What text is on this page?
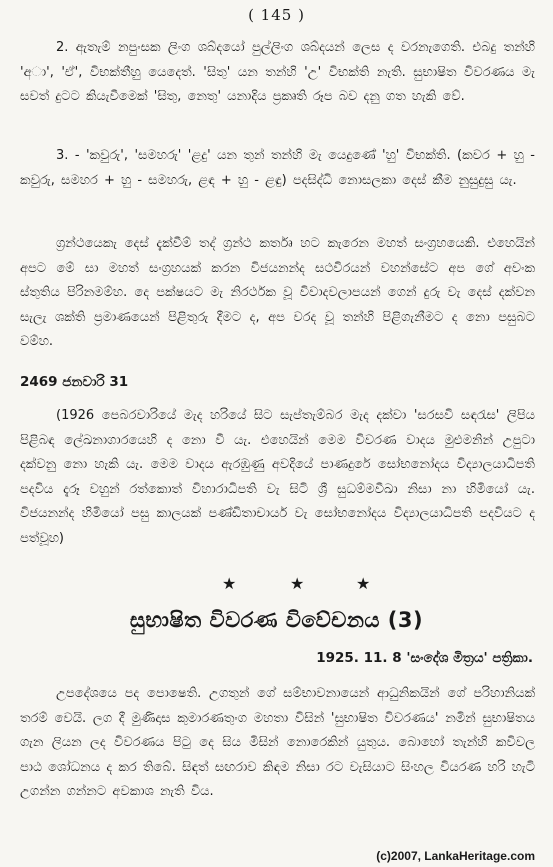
( 145 )

2. ඇතැම් නපුංසක ලිංග ශබ්දයෝ පුල්ලිංග ශබ්දයන් ලෙස ද වරනැගෙති. එබදු තන්හි 'අා', 'ඒ', විභක්තීහු යෙදෙත්. 'සිතු' යන තන්හි 'උ' විභක්ති නැති. සුභාෂිත විවරණය මැ සවත් දුටට කියැවීමෙක් 'සිතු, නෙතු' යනාදිය ප්‍රකෘති රූප බව දනු ගත හැකි වේ.

3. - 'කවුරු', 'සමහරු' 'ළදු' යන තුන් තන්හි මැ යෙදුණේ 'හු' විභක්ති. (කවර + හු - කවුරු, සමහර + හු - සමහරු, ළඳ + හු - ළඳු) පදසිද්ධි නොසලකා දෙස් කීම නුසුදුසු යැ.

ග්‍රන්ථයෙකැ දෙස් දැක්වීම් තද් ග්‍රන්ථ කර්තෘ හට කැරෙන මහත් සංග්‍රහයෙකි. එහෙයින් අපට මේ සා මහත් සංග්‍රහයක් කරන විජයනන්ද සථවිරයන් වහන්සේට අප ගේ අවංක ස්තුතිය පිරිනමම්හ. දෙ පක්ෂයට මැ නිරර්ථක වූ විවාදවලාපයන් ගෙන් දුරු වැ දෙස් දක්වන සැලැ ශක්ති ප්‍රමාණයෙන් පිළිතුරු දීමට ද, අප වරද වූ තන්හි පිළිගැනීමට ද නො පසුබට වම්හ.

2469 ජනවාරි 31

(1926 පෙබරවාරියේ මැද හරියේ සිට සැප්තැම්බර මැද දක්වා 'සරසවි සඳරැස' ලිපිය පිළිබඳ ලේඛනාගාරයෙහි ද නො වී යැ. එහෙයින් මෙම විවරණ වාදය මුළුමනින් උපුටා දක්වනු නො හැකි යැ. මෙම වාදය ඇරඹුණු අවදියේ පාණදුරේ සෝභනෝදය විද්‍යාලයාධිපති පදවිය දැරූ වහුන් රත්කොත් විහාරාධිපති වැ සිටි ශ්‍රී සුධම්මවීඛා නිසා නා හිමියෝ යැ. විජයනන්ද හිමියෝ පසු කාලයක් පණ්ඩිතාචාර්ය වැ සෝභනෝදය විද්‍යාලයාධිපති පදවියට ද පත්වූහ)

★	★	★
සුභාෂිත විවරණ විවේචනය (3)
1925. 11. 8 'සංදේශ මිත්‍රය' පත්‍රිකා.

උපදේශයෙ පද පොෂෙති. උගතුන් ගේ සම්භාවනායෙන් ආධුනිකයින් ගේ පරිහානියක් තරම් වෙයි. ලග දී මුණිදාස කුමාරණතුංග මහතා විසින් 'සුභාෂිත විවරණය' නමින් සුභාෂිතය ගැන ලියන ලද විවරණය පිටු දෙ සිය මිසින් නොරෙකින් යුතුය. බොහෝ තැන්හි කවිවල පාඨ ශෝධනය ද කර තිබේ. සිඳත් සඟරාව කිඳම නිසා රට වැසියාට සිංහල වියරණ හරි හැටි උගන්න ගන්නට අවකාශ නැති විය.

(c)2007, LankaHeritage.com
